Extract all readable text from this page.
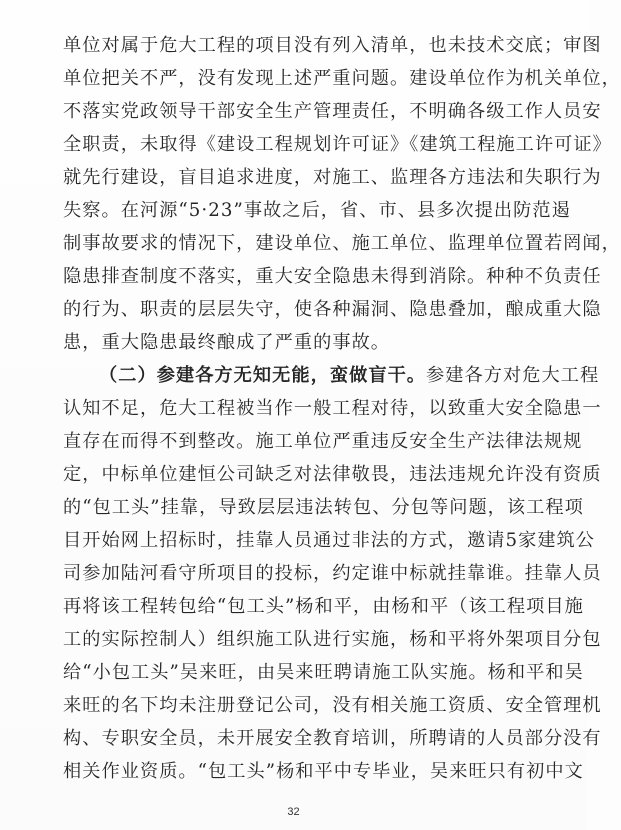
单位对属于危大工程的项目没有列入清单，也未技术交底；审图
单位把关不严，没有发现上述严重问题。建设单位作为机关单位，
不落实党政领导干部安全生产管理责任，不明确各级工作人员安
全职责，未取得《建设工程规划许可证》《建筑工程施工许可证》
就先行建设，盲目追求进度，对施工、监理各方违法和失职行为
失察。在河源“5·23”事故之后，省、市、县多次提出防范遏
制事故要求的情况下，建设单位、施工单位、监理单位置若罔闻，
隐患排查制度不落实，重大安全隐患未得到消除。种种不负责任
的行为、职责的层层失守，使各种漏洞、隐患叠加，酿成重大隐
患，重大隐患最终酿成了严重的事故。
（二）参建各方无知无能，蛮做盲干。参建各方对危大工程
认知不足，危大工程被当作一般工程对待，以致重大安全隐患一
直存在而得不到整改。施工单位严重违反安全生产法律法规规
定，中标单位建恒公司缺乏对法律敬畏，违法违规允许没有资质
的“包工头”挂靠，导致层层违法转包、分包等问题，该工程项
目开始网上招标时，挂靠人员通过非法的方式，邀请5家建筑公
司参加陆河看守所项目的投标，约定谁中标就挂靠谁。挂靠人员
再将该工程转包给“包工头”杨和平，由杨和平（该工程项目施
工的实际控制人）组织施工队进行实施，杨和平将外架项目分包
给“小包工头”吴来旺，由吴来旺聘请施工队实施。杨和平和吴
来旺的名下均未注册登记公司，没有相关施工资质、安全管理机
构、专职安全员，未开展安全教育培训，所聘请的人员部分没有
相关作业资质。“包工头”杨和平中专毕业，吴来旺只有初中文
32
